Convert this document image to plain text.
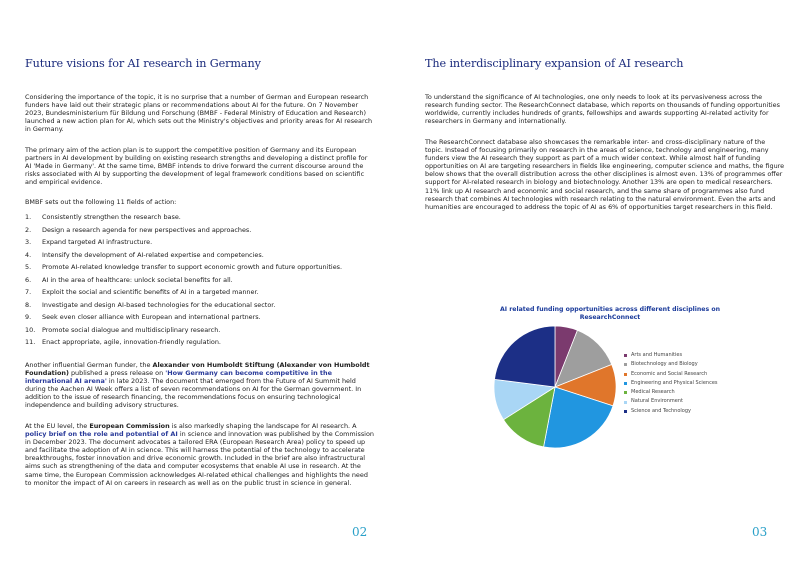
Future visions for AI research in Germany

Considering the importance of the topic, it is no surprise that a number of German and European research funders have laid out their strategic plans or recommendations about AI for the future. On 7 November 2023, Bundesministerium für Bildung und Forschung (BMBF - Federal Ministry of Education and Research) launched a new action plan for AI, which sets out the Ministry's objectives and priority areas for AI research in Germany.

The primary aim of the action plan is to support the competitive position of Germany and its European partners in AI development by building on existing research strengths and developing a distinct profile for AI 'Made in Germany'. At the same time, BMBF intends to drive forward the current discourse around the risks associated with AI by supporting the development of legal framework conditions based on scientific and empirical evidence.

BMBF sets out the following 11 fields of action:

1.	Consistently strengthen the research base.
2.	Design a research agenda for new perspectives and approaches.
3.	Expand targeted AI infrastructure.
4.	Intensify the development of AI-related expertise and competencies.
5.	Promote AI-related knowledge transfer to support economic growth and future opportunities.
6.	AI in the area of healthcare: unlock societal benefits for all.
7.	Exploit the social and scientific benefits of AI in a targeted manner.
8.	Investigate and design AI-based technologies for the educational sector.
9.	Seek even closer alliance with European and international partners.
10.	Promote social dialogue and multidisciplinary research.
11.	Enact appropriate, agile, innovation-friendly regulation.

Another influential German funder, the Alexander von Humboldt Stiftung (Alexander von Humboldt Foundation) published a press release on 'How Germany can become competitive in the international AI arena' in late 2023. The document that emerged from the Future of AI Summit held during the Aachen AI Week offers a list of seven recommendations on AI for the German government. In addition to the issue of research financing, the recommendations focus on ensuring technological independence and building advisory structures.

At the EU level, the European Commission is also markedly shaping the landscape for AI research. A policy brief on the role and potential of AI in science and innovation was published by the Commission in December 2023. The document advocates a tailored ERA (European Research Area) policy to speed up and facilitate the adoption of AI in science. This will harness the potential of the technology to accelerate breakthroughs, foster innovation and drive economic growth. Included in the brief are also infrastructural aims such as strengthening of the data and computer ecosystems that enable AI use in research. At the same time, the European Commission acknowledges AI-related ethical challenges and highlights the need to monitor the impact of AI on careers in research as well as on the public trust in science in general.

02
The interdisciplinary expansion of AI research

To understand the significance of AI technologies, one only needs to look at its pervasiveness across the research funding sector. The ResearchConnect database, which reports on thousands of funding opportunities worldwide, currently includes hundreds of grants, fellowships and awards supporting AI-related activity for researchers in Germany and internationally.

The ResearchConnect database also showcases the remarkable inter- and cross-disciplinary nature of the topic. Instead of focusing primarily on research in the areas of science, technology and engineering, many funders view the AI research they support as part of a much wider context. While almost half of funding opportunities on AI are targeting researchers in fields like engineering, computer science and maths, the figure below shows that the overall distribution across the other disciplines is almost even. 13% of programmes offer support for AI-related research in biology and biotechnology. Another 13% are open to medical researchers. 11% link up AI research and economic and social research, and the same share of programmes also fund research that combines AI technologies with research relating to the natural environment. Even the arts and humanities are encouraged to address the topic of AI as 6% of opportunities target researchers in this field.

AI related funding opportunities across different disciplines on ResearchConnect

Arts and Humanities
Biotechnology and Biology
Economic and Social Research
Engineering and Physical Sciences
Medical Research
Natural Environment
Science and Technology
03
